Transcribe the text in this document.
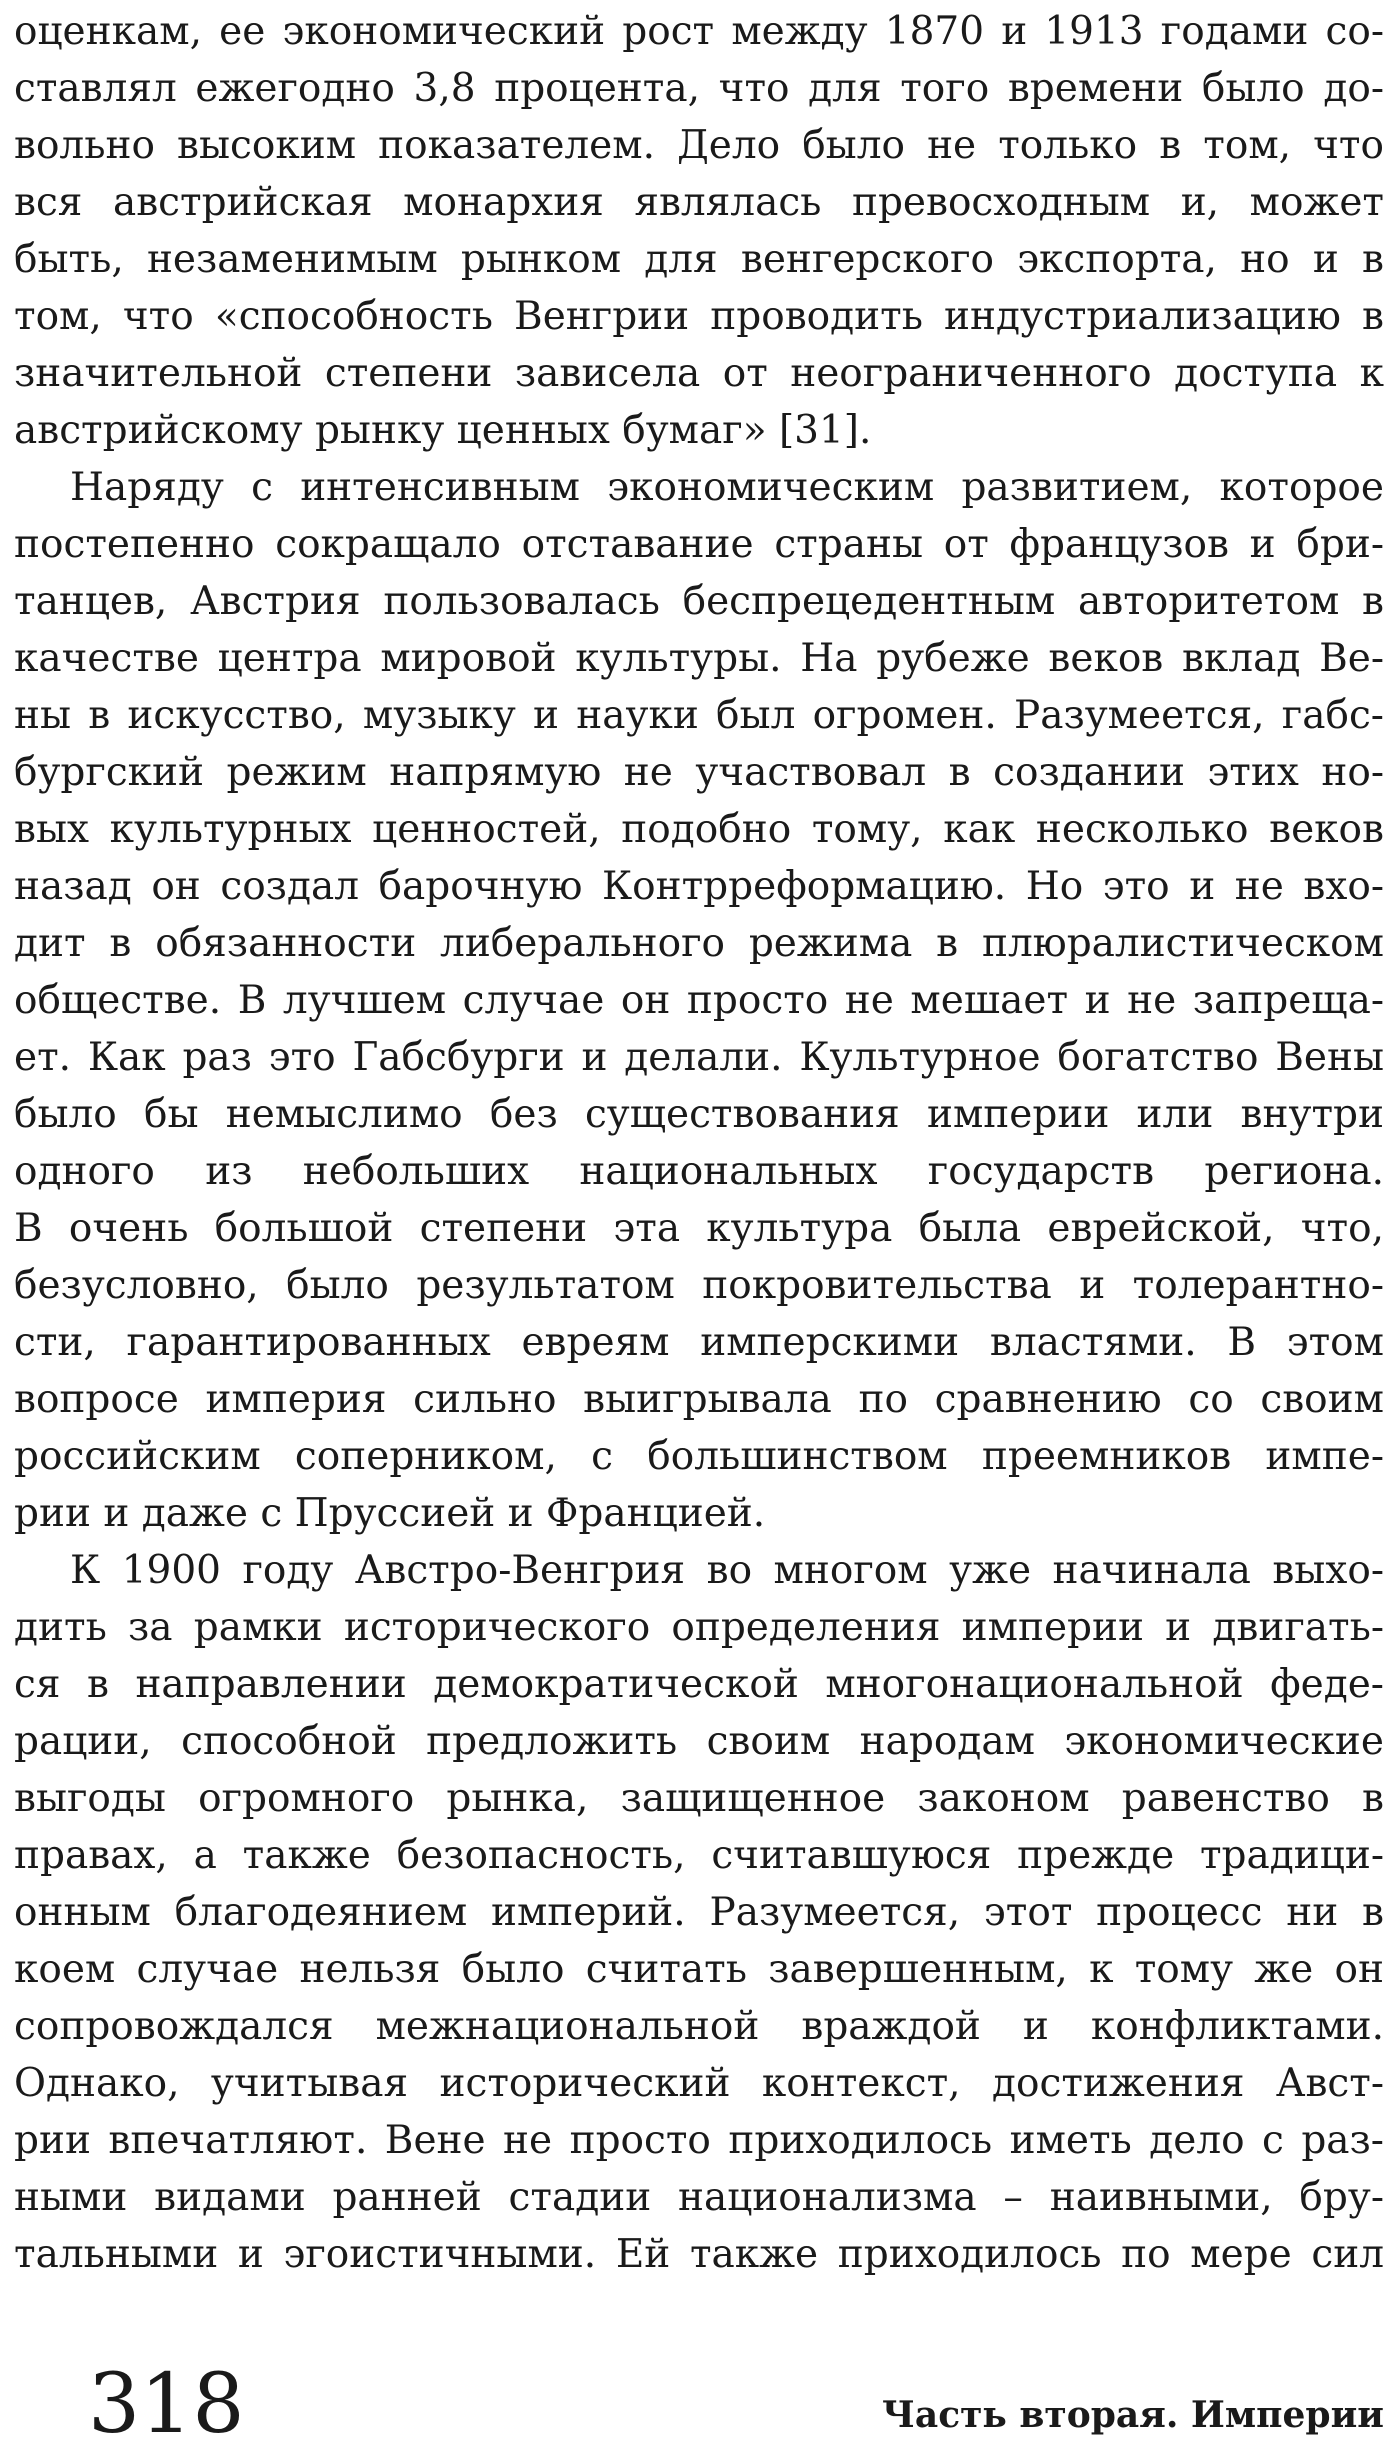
оценкам, ее экономический рост между 1870 и 1913 годами со-
ставлял ежегодно 3,8 процента, что для того времени было до-
вольно высоким показателем. Дело было не только в том, что
вся австрийская монархия являлась превосходным и, может
быть, незаменимым рынком для венгерского экспорта, но и в
том, что «способность Венгрии проводить индустриализацию в
значительной степени зависела от неограниченного доступа к
австрийскому рынку ценных бумаг» [31].
Наряду с интенсивным экономическим развитием, которое
постепенно сокращало отставание страны от французов и бри-
танцев, Австрия пользовалась беспрецедентным авторитетом в
качестве центра мировой культуры. На рубеже веков вклад Ве-
ны в искусство, музыку и науки был огромен. Разумеется, габс-
бургский режим напрямую не участвовал в создании этих но-
вых культурных ценностей, подобно тому, как несколько веков
назад он создал барочную Контрреформацию. Но это и не вхо-
дит в обязанности либерального режима в плюралистическом
обществе. В лучшем случае он просто не мешает и не запреща-
ет. Как раз это Габсбурги и делали. Культурное богатство Вены
было бы немыслимо без существования империи или внутри
одного из небольших национальных государств региона.
В очень большой степени эта культура была еврейской, что,
безусловно, было результатом покровительства и толерантно-
сти, гарантированных евреям имперскими властями. В этом
вопросе империя сильно выигрывала по сравнению со своим
российским соперником, с большинством преемников импе-
рии и даже с Пруссией и Францией.
К 1900 году Австро-Венгрия во многом уже начинала выхо-
дить за рамки исторического определения империи и двигать-
ся в направлении демократической многонациональной феде-
рации, способной предложить своим народам экономические
выгоды огромного рынка, защищенное законом равенство в
правах, а также безопасность, считавшуюся прежде традици-
онным благодеянием империй. Разумеется, этот процесс ни в
коем случае нельзя было считать завершенным, к тому же он
сопровождался межнациональной враждой и конфликтами.
Однако, учитывая исторический контекст, достижения Авст-
рии впечатляют. Вене не просто приходилось иметь дело с раз-
ными видами ранней стадии национализма – наивными, бру-
тальными и эгоистичными. Ей также приходилось по мере сил
318	Часть вторая. Империи
